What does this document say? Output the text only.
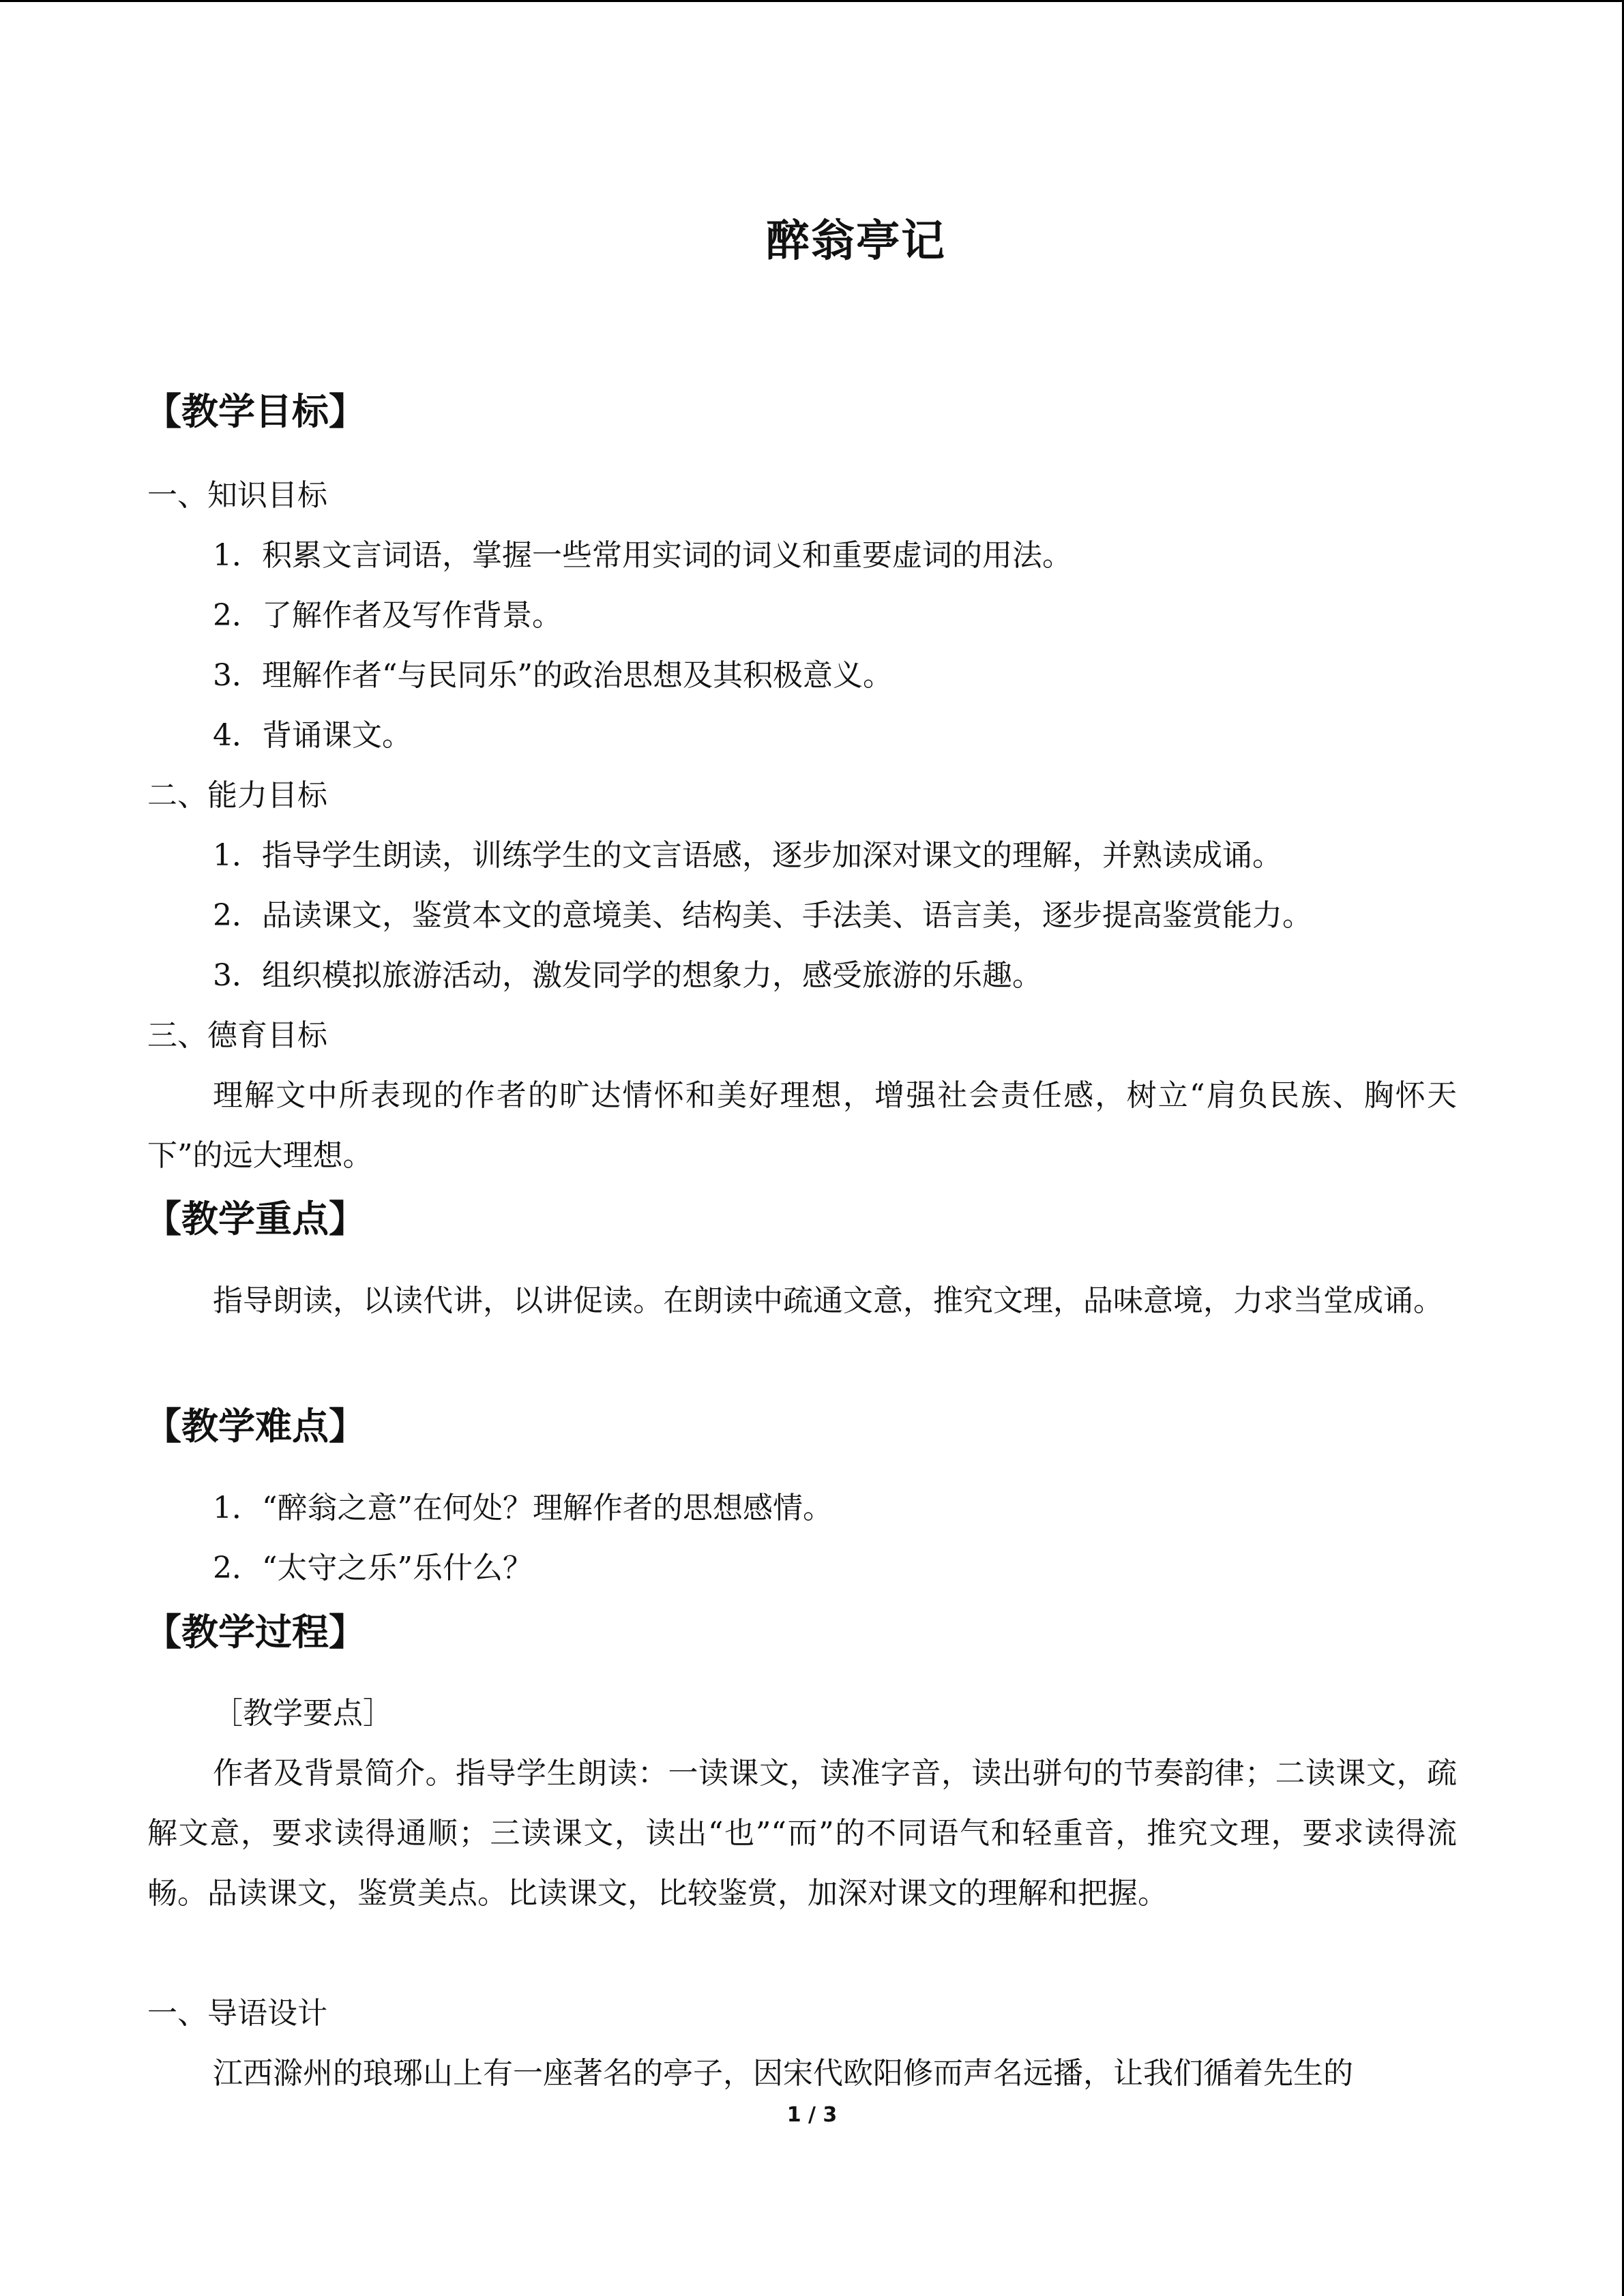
醉翁亭记
【教学目标】
一、知识目标
1．积累文言词语，掌握一些常用实词的词义和重要虚词的用法。
2．了解作者及写作背景。
3．理解作者“与民同乐”的政治思想及其积极意义。
4．背诵课文。
二、能力目标
1．指导学生朗读，训练学生的文言语感，逐步加深对课文的理解，并熟读成诵。
2．品读课文，鉴赏本文的意境美、结构美、手法美、语言美，逐步提高鉴赏能力。
3．组织模拟旅游活动，激发同学的想象力，感受旅游的乐趣。
三、德育目标
理解文中所表现的作者的旷达情怀和美好理想，增强社会责任感，树立“肩负民族、胸怀天下”的远大理想。
【教学重点】
指导朗读，以读代讲，以讲促读。在朗读中疏通文意，推究文理，品味意境，力求当堂成诵。
【教学难点】
1．“醉翁之意”在何处？理解作者的思想感情。
2．“太守之乐”乐什么？
【教学过程】
［教学要点］
作者及背景简介。指导学生朗读：一读课文，读准字音，读出骈句的节奏韵律；二读课文，疏解文意，要求读得通顺；三读课文，读出“也”“而”的不同语气和轻重音，推究文理，要求读得流畅。品读课文，鉴赏美点。比读课文，比较鉴赏，加深对课文的理解和把握。
一、导语设计
江西滁州的琅琊山上有一座著名的亭子，因宋代欧阳修而声名远播，让我们循着先生的
1 / 3
